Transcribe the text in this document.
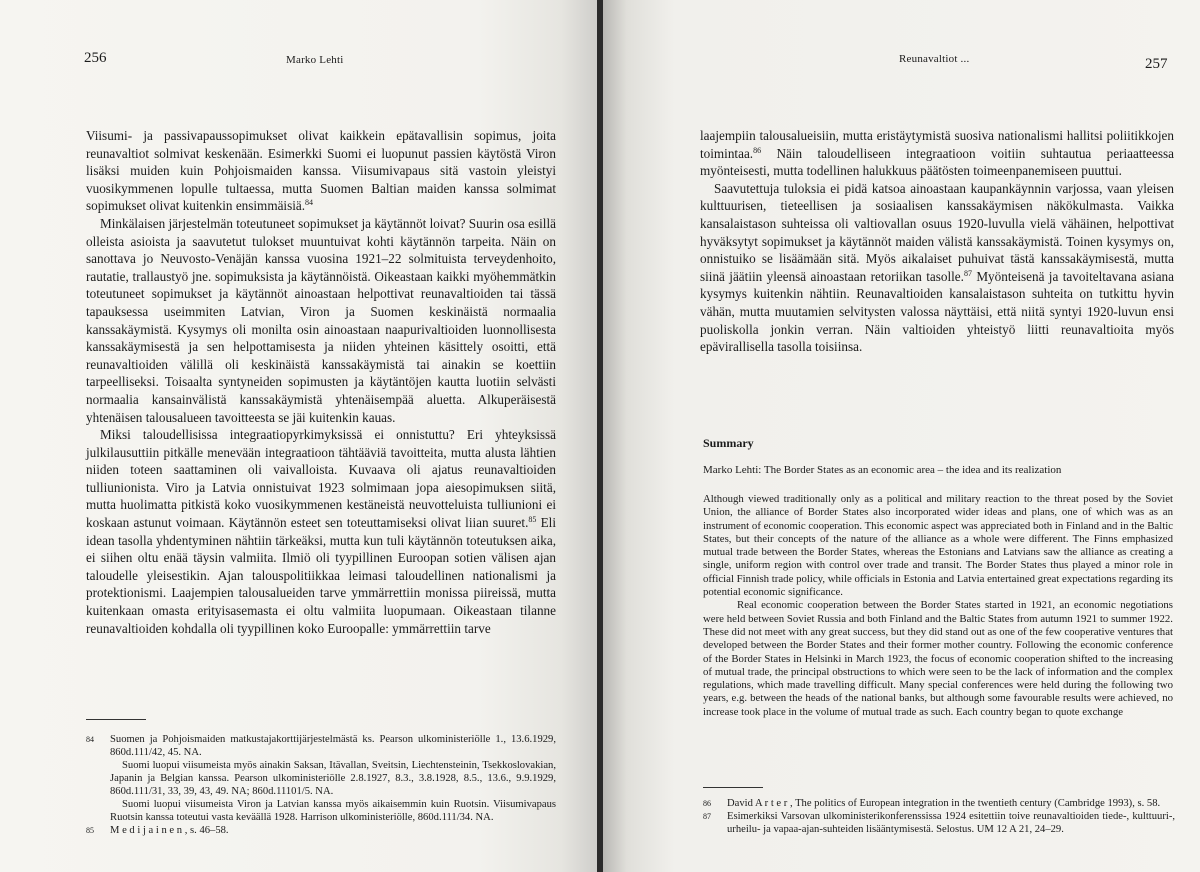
256	Marko Lehti

Viisumi- ja passivapaussopimukset olivat kaikkein epätavallisin sopimus, joita reunavaltiot solmivat keskenään. Esimerkki Suomi ei luopunut passien käytöstä Viron lisäksi muiden kuin Pohjoismaiden kanssa. Viisumivapaus sitä vastoin yleistyi vuosikymmenen lopulle tultaessa, mutta Suomen Baltian maiden kanssa solmimat sopimukset olivat kuitenkin ensimmäisiä.$^{84}$

Minkälaisen järjestelmän toteutuneet sopimukset ja käytännöt loivat? Suurin osa esillä olleista asioista ja saavutetut tulokset muuntuivat kohti käytännön tarpeita. Näin on sanottava jo Neuvosto-Venäjän kanssa vuosina 1921–22 solmituista terveydenhoito, rautatie, trallaustyö jne. sopimuksista ja käytännöistä. Oikeastaan kaikki myöhemmätkin toteutuneet sopimukset ja käytännöt ainoastaan helpottivat reunavaltioiden tai tässä tapauksessa useimmiten Latvian, Viron ja Suomen keskinäistä normaalia kanssakäymistä. Kysymys oli monilta osin ainoastaan naapurivaltioiden luonnollisesta kanssakäymisestä ja sen helpottamisesta ja niiden yhteinen käsittely osoitti, että reunavaltioiden välillä oli keskinäistä kanssakäymistä tai ainakin se koettiin tarpeelliseksi. Toisaalta syntyneiden sopimusten ja käytäntöjen kautta luotiin selvästi normaalia kansainvälistä kanssakäymistä yhtenäisempää aluetta. Alkuperäisestä yhtenäisen talousalueen tavoitteesta se jäi kuitenkin kauas.

Miksi taloudellisissa integraatiopyrkimyksissä ei onnistuttu? Eri yhteyksissä julkilausuttiin pitkälle menevään integraatioon tähtääviä tavoitteita, mutta alusta lähtien niiden toteen saattaminen oli vaivalloista. Kuvaava oli ajatus reunavaltioiden tulliunionista. Viro ja Latvia onnistuivat 1923 solmimaan jopa aiesopimuksen siitä, mutta huolimatta pitkistä koko vuosikymmenen kestäneistä neuvotteluista tulliunioni ei koskaan astunut voimaan. Käytännön esteet sen toteuttamiseksi olivat liian suuret.$^{85}$ Eli idean tasolla yhdentyminen nähtiin tärkeäksi, mutta kun tuli käytännön toteutuksen aika, ei siihen oltu enää täysin valmiita. Ilmiö oli tyypillinen Euroopan sotien välisen ajan taloudelle yleisestikin. Ajan talouspolitiikkaa leimasi taloudellinen nationalismi ja protektionismi. Laajempien talousalueiden tarve ymmärrettiin monissa piireissä, mutta kuitenkaan omasta erityisasemasta ei oltu valmiita luopumaan. Oikeastaan tilanne reunavaltioiden kohdalla oli tyypillinen koko Euroopalle: ymmärrettiin tarve

84	Suomen ja Pohjoismaiden matkustajakorttijärjestelmästä ks. Pearson ulkoministeriölle 1., 13.6.1929, 860d.111/42, 45. NA.

Suomi luopui viisumeista myös ainakin Saksan, Itävallan, Sveitsin, Liechtensteinin, Tsekkoslovakian, Japanin ja Belgian kanssa. Pearson ulkoministeriölle 2.8.1927, 8.3., 3.8.1928, 8.5., 13.6., 9.9.1929, 860d.111/31, 33, 39, 43, 49. NA; 860d.11101/5. NA.

Suomi luopui viisumeista Viron ja Latvian kanssa myös aikaisemmin kuin Ruotsin. Viisumivapaus Ruotsin kanssa toteutui vasta keväällä 1928. Harrison ulkoministeriölle, 860d.111/34. NA.

85	M e d i j a i n e n , s. 46–58.
Reunavaltiot ...	257

laajempiin talousalueisiin, mutta eristäytymistä suosiva nationalismi hallitsi poliitikkojen toimintaa.$^{86}$ Näin taloudelliseen integraatioon voitiin suhtautua periaatteessa myönteisesti, mutta todellinen halukkuus päätösten toimeenpanemiseen puuttui.

Saavutettuja tuloksia ei pidä katsoa ainoastaan kaupankäynnin varjossa, vaan yleisen kulttuurisen, tieteellisen ja sosiaalisen kanssakäymisen näkökulmasta. Vaikka kansalaistason suhteissa oli valtiovallan osuus 1920-luvulla vielä vähäinen, helpottivat hyväksytyt sopimukset ja käytännöt maiden välistä kanssakäymistä. Toinen kysymys on, onnistuiko se lisäämään sitä. Myös aikalaiset puhuivat tästä kanssakäymisestä, mutta siinä jäätiin yleensä ainoastaan retoriikan tasolle.$^{87}$ Myönteisenä ja tavoiteltavana asiana kysymys kuitenkin nähtiin. Reunavaltioiden kansalaistason suhteita on tutkittu hyvin vähän, mutta muutamien selvitysten valossa näyttäisi, että niitä syntyi 1920-luvun ensi puoliskolla jonkin verran. Näin valtioiden yhteistyö liitti reunavaltioita myös epävirallisella tasolla toisiinsa.

Summary
Marko Lehti: The Border States as an economic area – the idea and its realization

Although viewed traditionally only as a political and military reaction to the threat posed by the Soviet Union, the alliance of Border States also incorporated wider ideas and plans, one of which was as an instrument of economic cooperation. This economic aspect was appreciated both in Finland and in the Baltic States, but their concepts of the nature of the alliance as a whole were different. The Finns emphasized mutual trade between the Border States, whereas the Estonians and Latvians saw the alliance as creating a single, uniform region with control over trade and transit. The Border States thus played a minor role in official Finnish trade policy, while officials in Estonia and Latvia entertained great expectations regarding its potential economic significance.

Real economic cooperation between the Border States started in 1921, an economic negotiations were held between Soviet Russia and both Finland and the Baltic States from autumn 1921 to summer 1922. These did not meet with any great success, but they did stand out as one of the few cooperative ventures that developed between the Border States and their former mother country. Following the economic conference of the Border States in Helsinki in March 1923, the focus of economic cooperation shifted to the increasing of mutual trade, the principal obstructions to which were seen to be the lack of information and the complex regulations, which made travelling difficult. Many special conferences were held during the following two years, e.g. between the heads of the national banks, but although some favourable results were achieved, no increase took place in the volume of mutual trade as such. Each country began to quote exchange

86	David A r t e r , The politics of European integration in the twentieth century (Cambridge 1993), s. 58.
87	Esimerkiksi Varsovan ulkoministerikonferenssissa 1924 esitettiin toive reunavaltioiden tiede-, kulttuuri-, urheilu- ja vapaa-ajan-suhteiden lisääntymisestä. Selostus. UM 12 A 21, 24–29.
